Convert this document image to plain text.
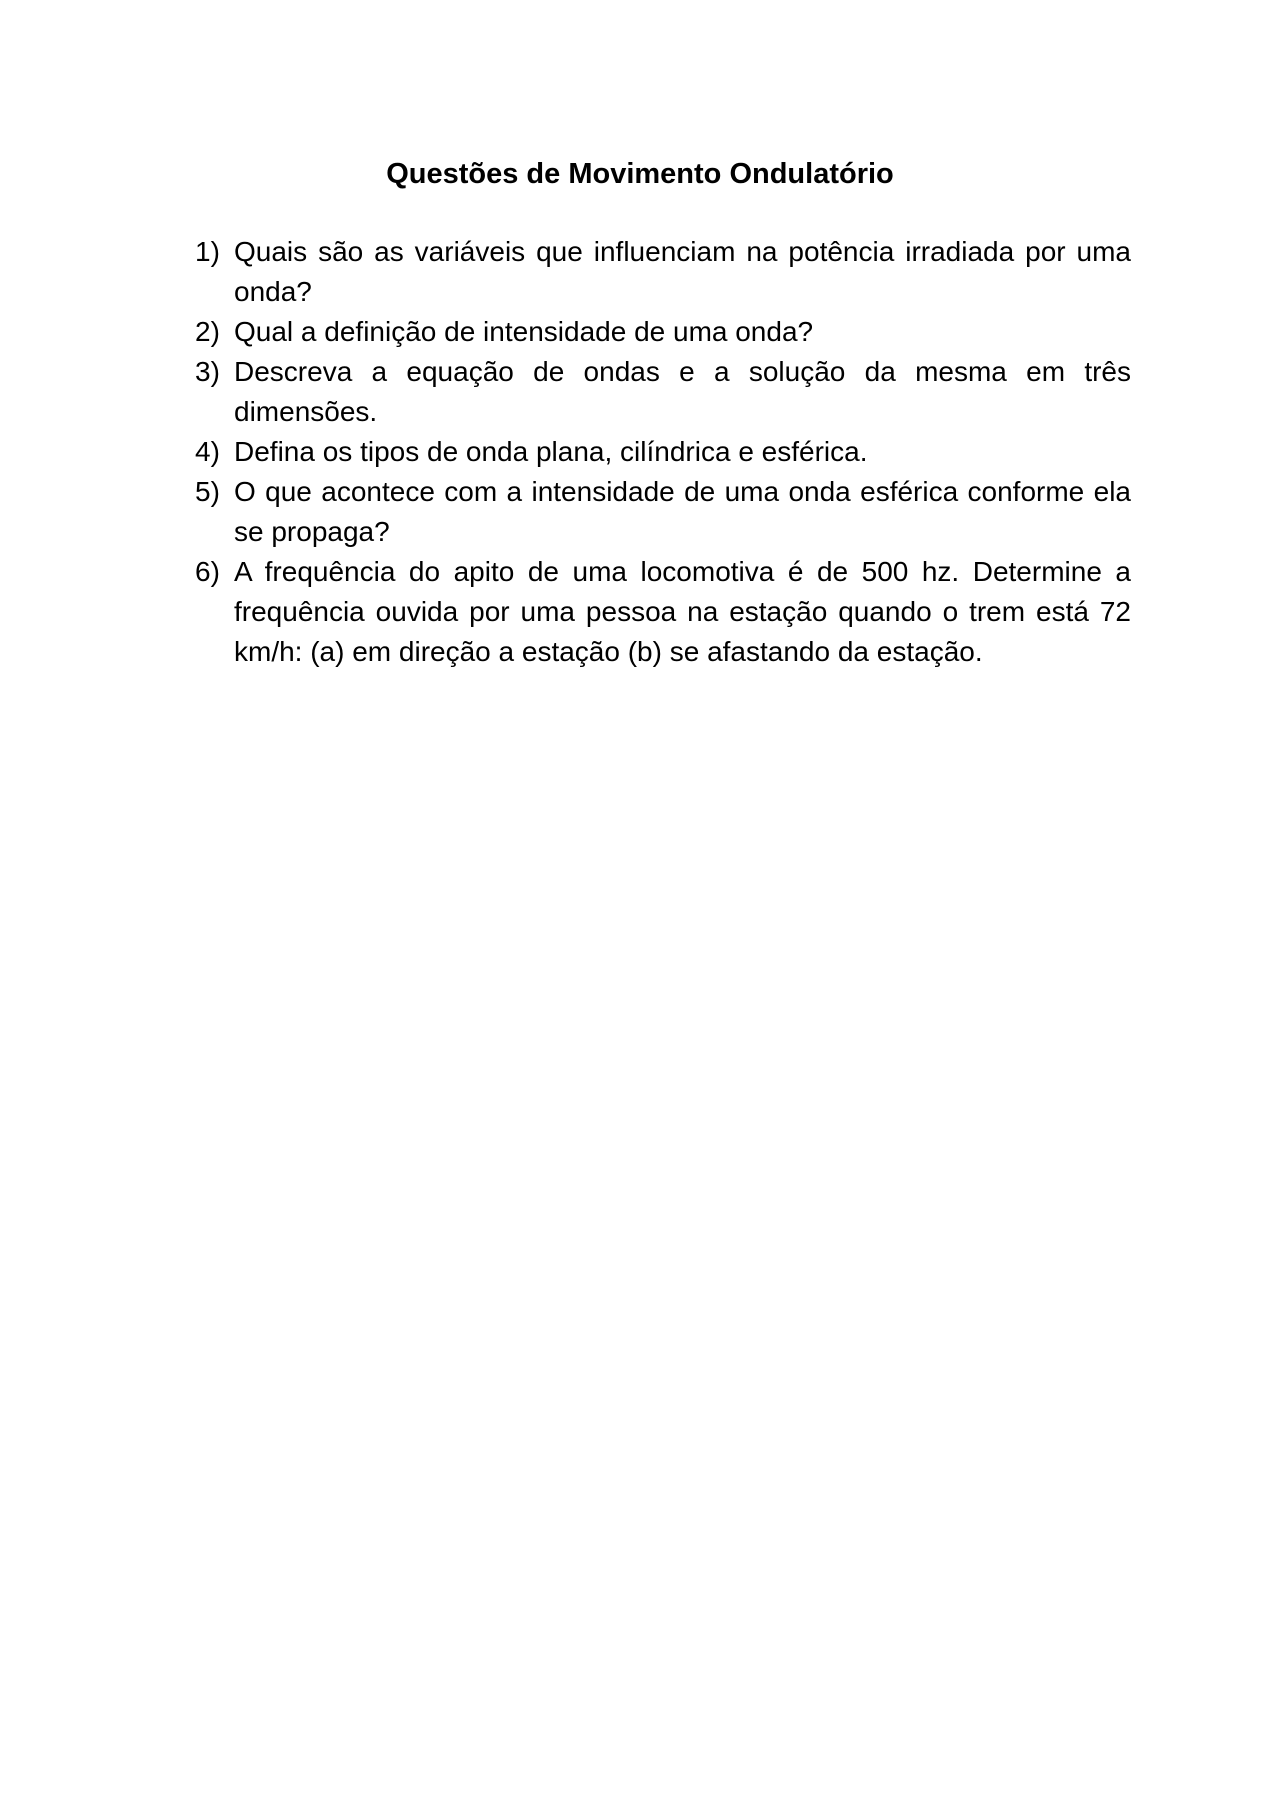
Questões de Movimento Ondulatório
1) Quais são as variáveis que influenciam na potência irradiada por uma onda?
2) Qual a definição de intensidade de uma onda?
3) Descreva a equação de ondas e a solução da mesma em três dimensões.
4) Defina os tipos de onda plana, cilíndrica e esférica.
5) O que acontece com a intensidade de uma onda esférica conforme ela se propaga?
6) A frequência do apito de uma locomotiva é de 500 hz. Determine a frequência ouvida por uma pessoa na estação quando o trem está 72 km/h: (a) em direção a estação (b) se afastando da estação.
